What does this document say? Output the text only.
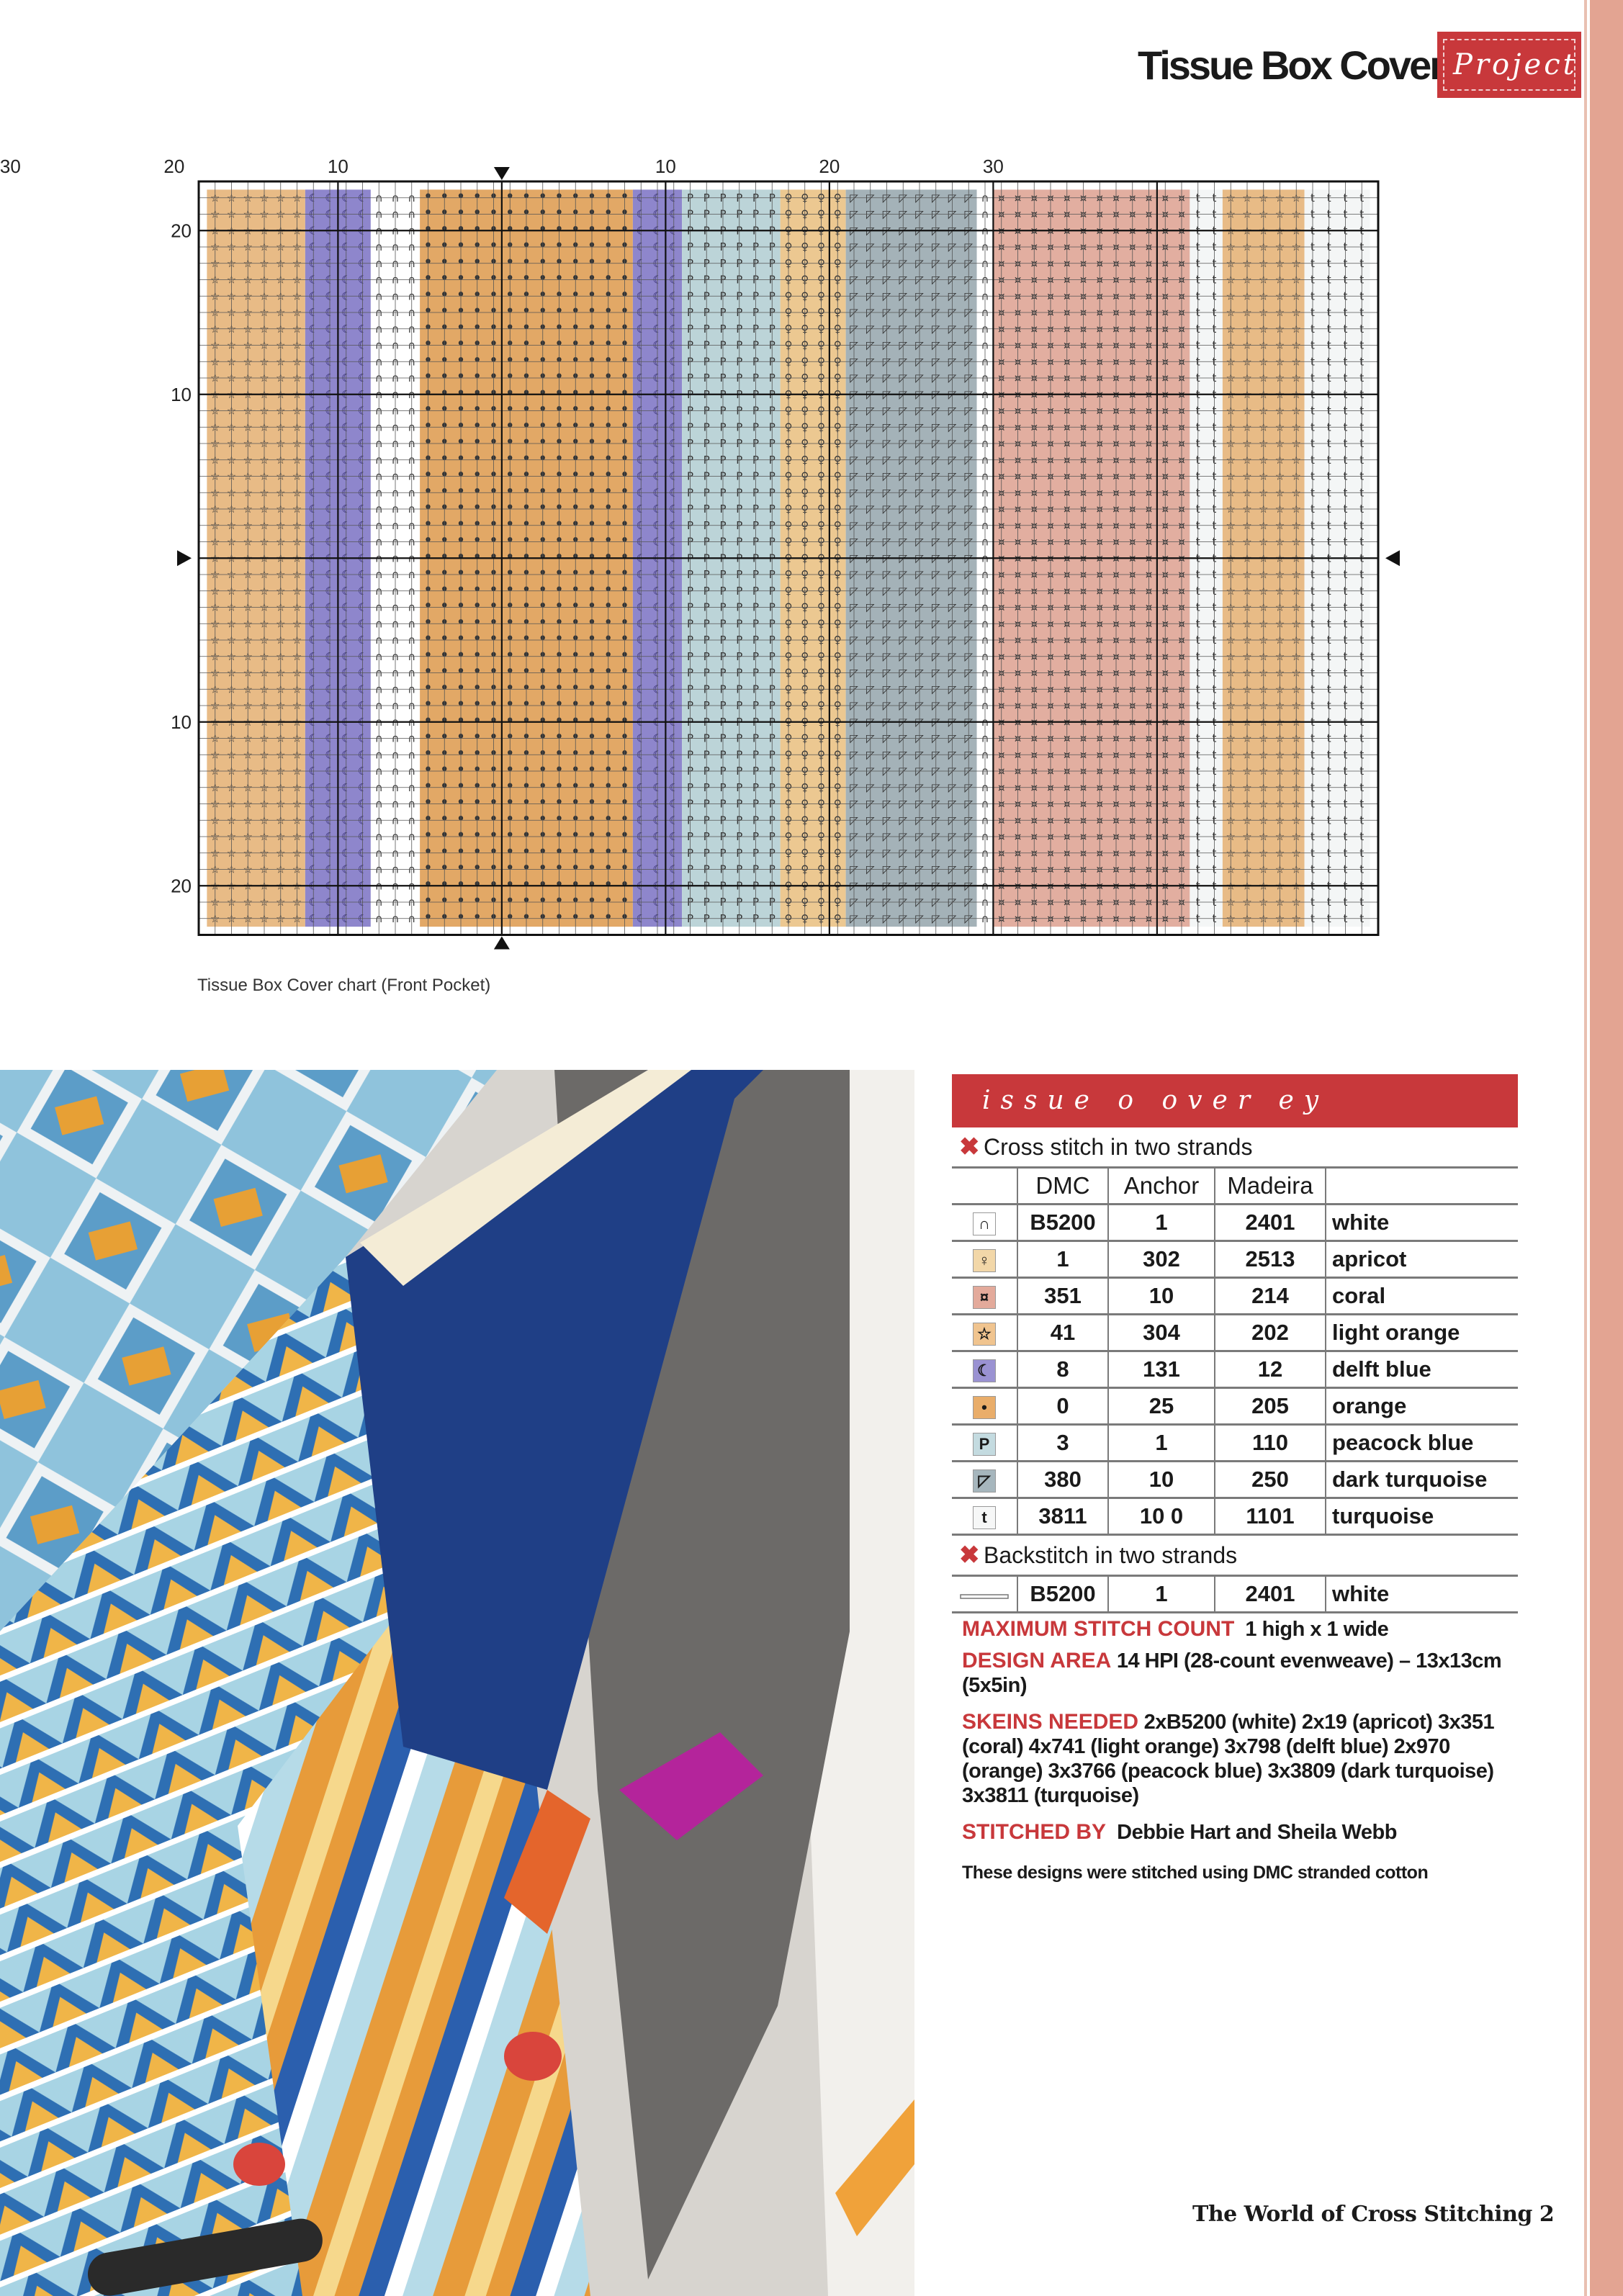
Tissue Box Cover Project
•
•
•
•
•
•
•
•
•
•
•
•
•
•
•
•
•
•
•
•
•
•
•
•
•
•
•
•
•
•
•
•
•
•
•
•
•
•
•
•
•
•
•
•
•
•
•
•
•
•
•
•
•
•
•
•
•
•
•
•
•
•
•
•
•
•
•
•
•
•
•
•
•
•
•
•
•
•
•
•
•
•
•
•
•
•
•
•
•
•
•
•
•
•
•
•
•
•
•
•
•
•
•
•
•
•
•
•
•
•
•
•
•
•
•
•
•
•
•
•
•
•
•
•
•
•
•
•
•
•
•
•
•
•
•
•
•
•
•
•
•
•
•
•
•
•
•
•
•
•
•
•
•
•
•
•
•
•
•
•
•
•
•
•
•
•
•
•
•
•
•
•
•
•
•
•
•
•
•
•
•
•
•
•
•
•
•
•
•
•
•
•
•
•
•
•
•
•
•
•
•
•
•
•
•
•
•
•
•
•
•
•
•
•
•
•
•
•
•
•
•
•
•
•
•
•
•
•
•
•
•
•
•
•
•
•
•
•
•
•
•
•
•
•
•
•
•
•
•
•
•
•
•
•
•
•
•
•
•
•
•
•
•
•
•
•
•
•
•
•
•
•
•
•
•
•
•
•
•
•
•
•
•
•
•
•
•
•
•
•
•
•
•
•
•
•
•
•
•
•
•
•
•
•
•
•
•
•
•
•
•
•
•
•
•
•
•
•
•
•
•
•
•
•
•
•
•
•
•
•
•
•
•
•
•
•
•
•
•
•
•
•
•
•
•
•
•
•
•
•
•
•
•
•
•
•
•
•
•
•
•
•
•
•
•
•
•
•
•
•
•
•
•
•
•
•
•
•
•
•
•
•
•
•
•
•
•
•
•
•
•
•
•
•
•
•
•
•
•
•
•
•
•
•
•
•
•
•
•
•
•
•
•
•
•
•
•
•
•
•
•
•
•
•
•
•
•
•
•
•
•
•
•
•
•
•
•
•
•
•
•
•
•
•
•
•
•
•
•
•
•
•
•
•
•
•
•
•
•
•
•
•
•
•
•
•
•
•
•
•
•
•
•
•
•
•
•
•
•
•
•
•
•
•
•
•
•
•
•
•
•
•
•
•
•
•
•
•
•
•
•
•
•
•
•
•
•
•
•
•
•
•
•
•
•
•
•
•
•
•
•
•
•
•
•
•
•
•
•
•
•
•
•
•
•
•
•
•
•
•
•
•
•
•
•
•
•
•
•
•
•
•
•
•
•
•
•
•
•
•
•
•
•
•
•
•
•
•
•
•
•
•
•
•
•
•
•
•
•
•
•
•
•
•
•
30	20	10	10	20	30
20
10
10
20
Tissue Box Cover chart (Front Pocket)
issue o over ey
✖ Cross stitch in two strands
	DMC	Anchor	Madeira	
∩	B5200	1	2401	white
♀	1	302	2513	apricot
¤	351	10	214	coral
☆	41	304	202	light orange
☾	8	131	12	delft blue
•	0	25	205	orange
P	3	1	110	peacock blue
◸	380	10	250	dark turquoise
t	3811	10 0	1101	turquoise
✖ Backstitch in two strands
	B5200	1	2401	white
MAXIMUM STITCH COUNT 1 high x 1 wide
DESIGN AREA 14 HPI (28-count evenweave) – 13x13cm (5x5in)
SKEINS NEEDED 2xB5200 (white) 2x19 (apricot) 3x351 (coral) 4x741 (light orange) 3x798 (delft blue) 2x970 (orange) 3x3766 (peacock blue) 3x3809 (dark turquoise) 3x3811 (turquoise)
STITCHED BY Debbie Hart and Sheila Webb
These designs were stitched using DMC stranded cotton
The World of Cross Stitching 2
